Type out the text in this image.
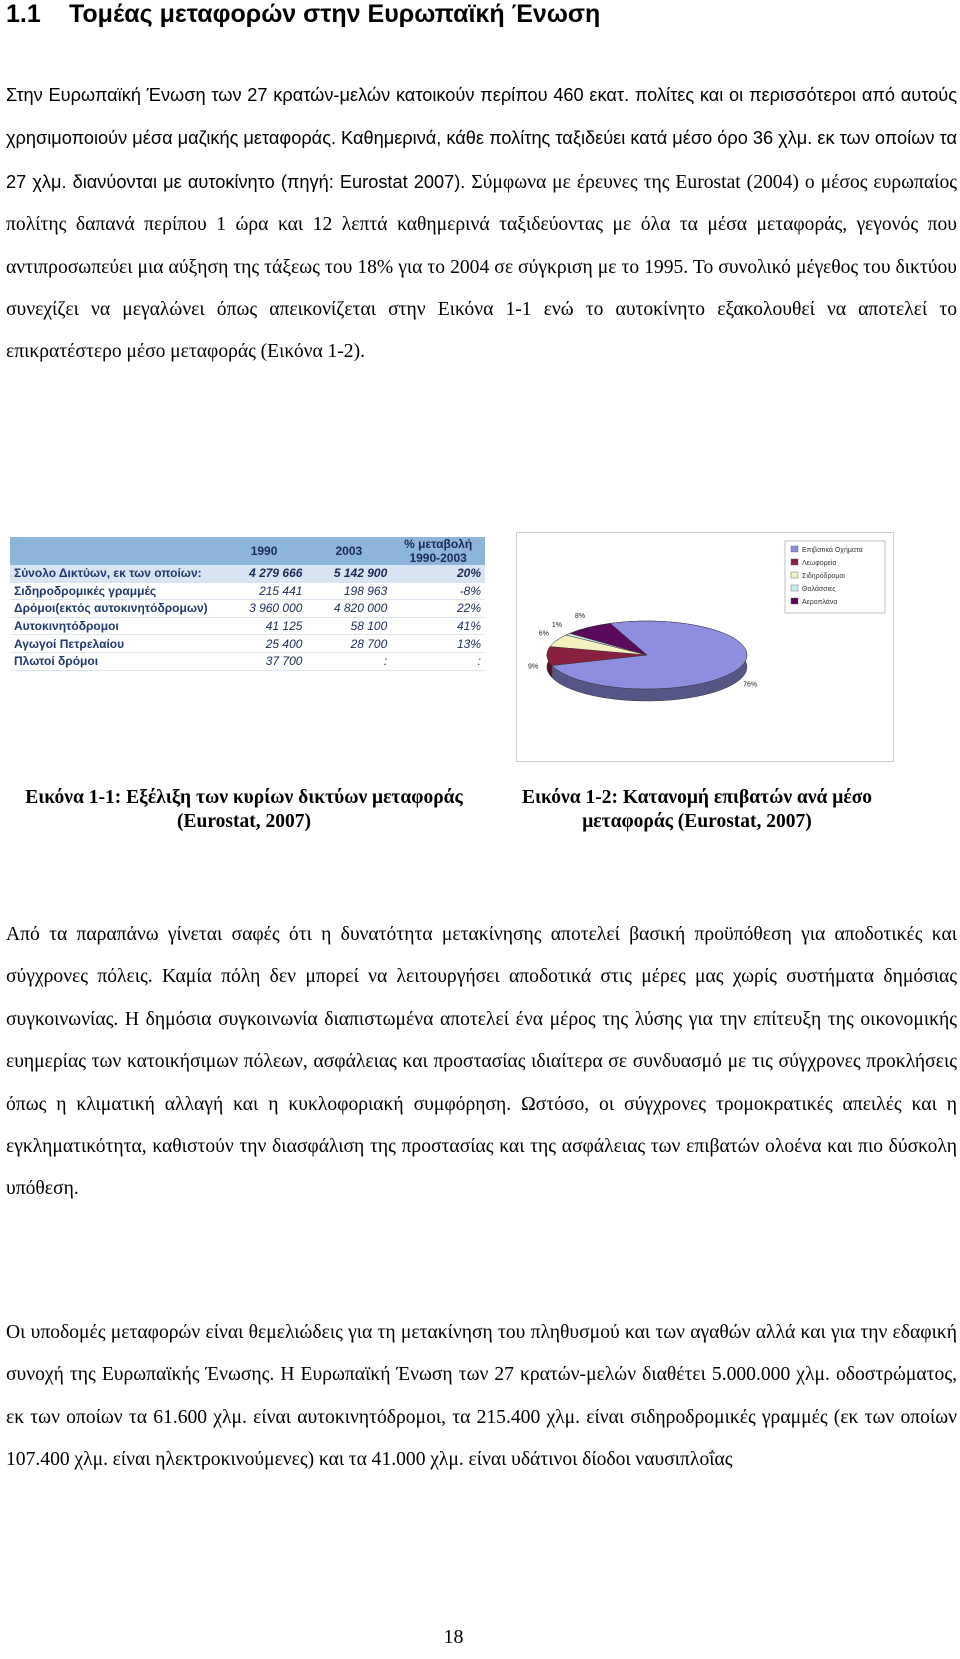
1.1 Τομέας μεταφορών στην Ευρωπαϊκή Ένωση

Στην Ευρωπαϊκή Ένωση των 27 κρατών-μελών κατοικούν περίπου 460 εκατ. πολίτες και οι περισσότεροι από αυτούς χρησιμοποιούν μέσα μαζικής μεταφοράς. Καθημερινά, κάθε πολίτης ταξιδεύει κατά μέσο όρο 36 χλμ. εκ των οποίων τα 27 χλμ. διανύονται με αυτοκίνητο (πηγή: Eurostat 2007). Σύμφωνα με έρευνες της Eurostat (2004) ο μέσος ευρωπαίος πολίτης δαπανά περίπου 1 ώρα και 12 λεπτά καθημερινά ταξιδεύοντας με όλα τα μέσα μεταφοράς, γεγονός που αντιπροσωπεύει μια αύξηση της τάξεως του 18% για το 2004 σε σύγκριση με το 1995. Το συνολικό μέγεθος του δικτύου συνεχίζει να μεγαλώνει όπως απεικονίζεται στην Εικόνα 1-1 ενώ το αυτοκίνητο εξακολουθεί να αποτελεί το επικρατέστερο μέσο μεταφοράς (Εικόνα 1-2).

	1990	2003	% μεταβολή 1990-2003
Σύνολο Δικτύων, εκ των οποίων:	4 279 666	5 142 900	20%
Σιδηροδρομικές γραμμές	215 441	198 963	-8%
Δρόμοι(εκτός αυτοκινητόδρομων)	3 960 000	4 820 000	22%
Αυτοκινητόδρομοι	41 125	58 100	41%
Αγωγοί Πετρελαίου	25 400	28 700	13%
Πλωτοί δρόμοι	37 700	:	:
76%
9%
6%
1%
8%
Επιβατικά Οχήματα
Λεωφορεία
Σιδηρόδρομοι
Θαλάσσιες
Αεροπλάνα

Εικόνα 1-1: Εξέλιξη των κυρίων δικτύων μεταφοράς (Eurostat, 2007)

Εικόνα 1-2: Κατανομή επιβατών ανά μέσο μεταφοράς (Eurostat, 2007)

Από τα παραπάνω γίνεται σαφές ότι η δυνατότητα μετακίνησης αποτελεί βασική προϋπόθεση για αποδοτικές και σύγχρονες πόλεις. Καμία πόλη δεν μπορεί να λειτουργήσει αποδοτικά στις μέρες μας χωρίς συστήματα δημόσιας συγκοινωνίας. Η δημόσια συγκοινωνία διαπιστωμένα αποτελεί ένα μέρος της λύσης για την επίτευξη της οικονομικής ευημερίας των κατοικήσιμων πόλεων, ασφάλειας και προστασίας ιδιαίτερα σε συνδυασμό με τις σύγχρονες προκλήσεις όπως η κλιματική αλλαγή και η κυκλοφοριακή συμφόρηση. Ωστόσο, οι σύγχρονες τρομοκρατικές απειλές και η εγκληματικότητα, καθιστούν την διασφάλιση της προστασίας και της ασφάλειας των επιβατών ολοένα και πιο δύσκολη υπόθεση.

Οι υποδομές μεταφορών είναι θεμελιώδεις για τη μετακίνηση του πληθυσμού και των αγαθών αλλά και για την εδαφική συνοχή της Ευρωπαϊκής Ένωσης. Η Ευρωπαϊκή Ένωση των 27 κρατών-μελών διαθέτει 5.000.000 χλμ. οδοστρώματος, εκ των οποίων τα 61.600 χλμ. είναι αυτοκινητόδρομοι, τα 215.400 χλμ. είναι σιδηροδρομικές γραμμές (εκ των οποίων 107.400 χλμ. είναι ηλεκτροκινούμενες) και τα 41.000 χλμ. είναι υδάτινοι δίοδοι ναυσιπλοΐας

18
